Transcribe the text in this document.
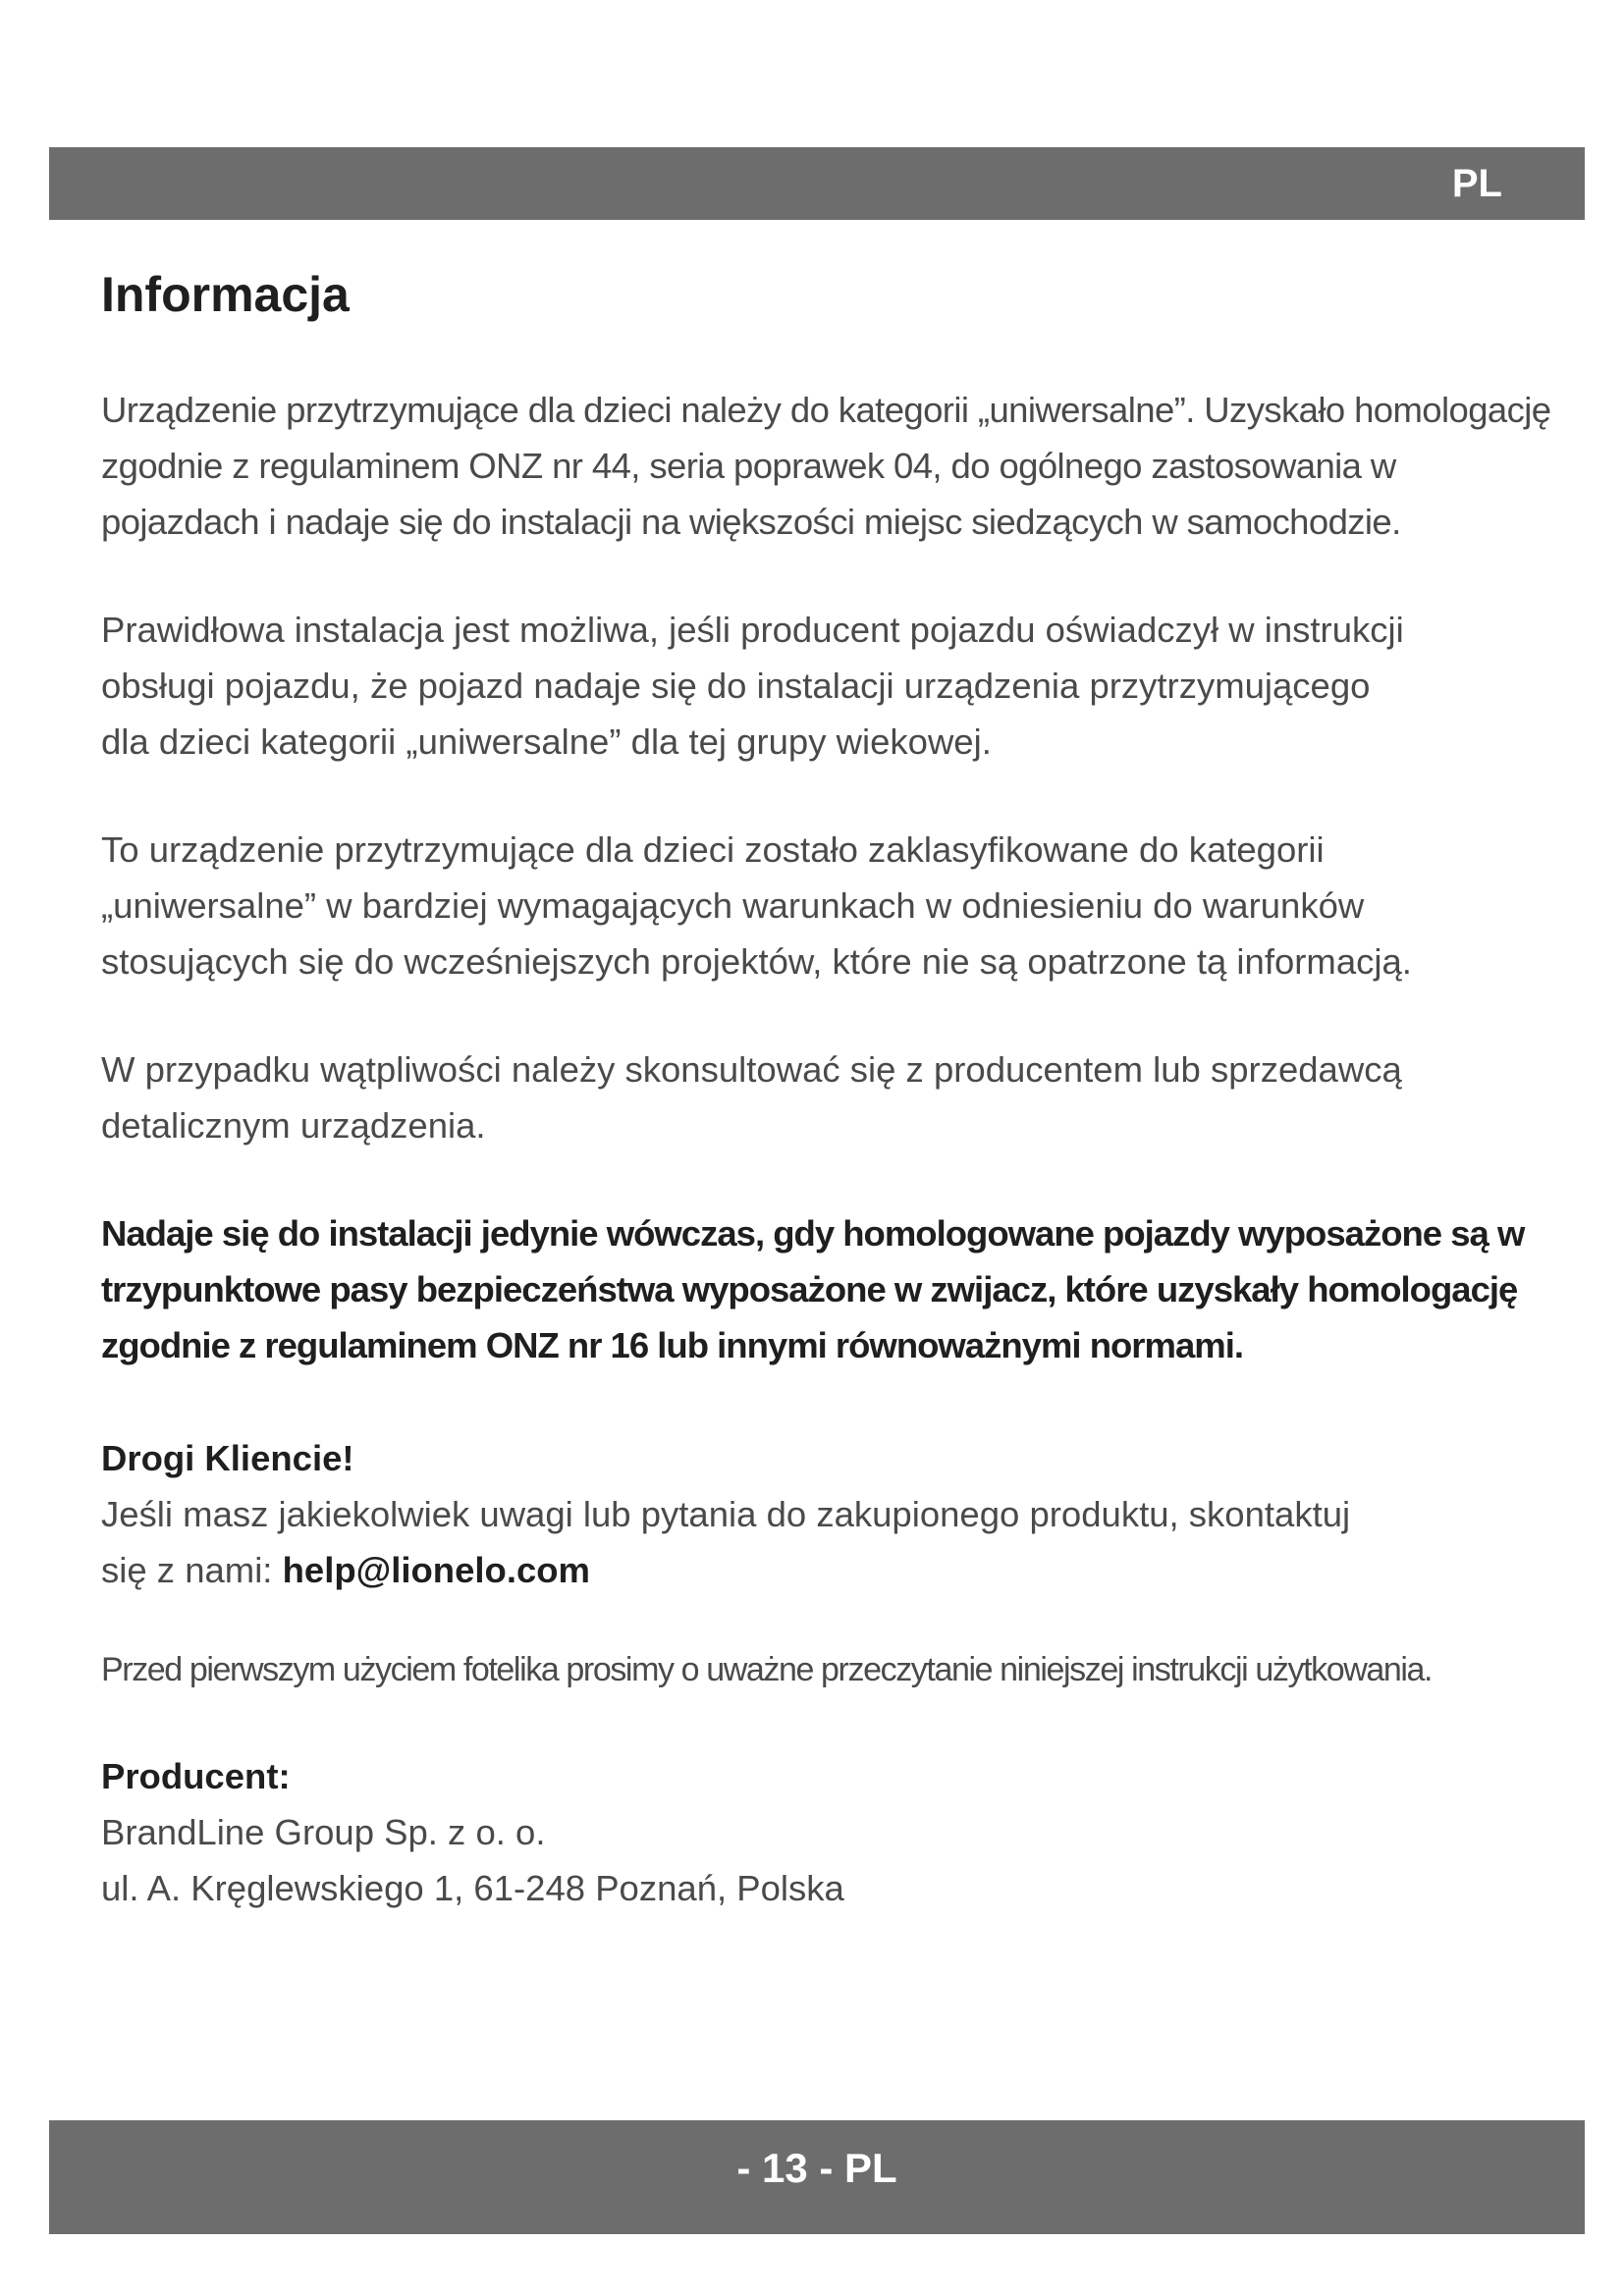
PL
Informacja

Urządzenie przytrzymujące dla dzieci należy do kategorii „uniwersalne”. Uzyskało homologację
zgodnie z regulaminem ONZ nr 44, seria poprawek 04, do ogólnego zastosowania w
pojazdach i nadaje się do instalacji na większości miejsc siedzących w samochodzie.

Prawidłowa instalacja jest możliwa, jeśli producent pojazdu oświadczył w instrukcji
obsługi pojazdu, że pojazd nadaje się do instalacji urządzenia przytrzymującego
dla dzieci kategorii „uniwersalne” dla tej grupy wiekowej.

To urządzenie przytrzymujące dla dzieci zostało zaklasyfikowane do kategorii
„uniwersalne” w bardziej wymagających warunkach w odniesieniu do warunków
stosujących się do wcześniejszych projektów, które nie są opatrzone tą informacją.

W przypadku wątpliwości należy skonsultować się z producentem lub sprzedawcą
detalicznym urządzenia.

Nadaje się do instalacji jedynie wówczas, gdy homologowane pojazdy wyposażone są w
trzypunktowe pasy bezpieczeństwa wyposażone w zwijacz, które uzyskały homologację
zgodnie z regulaminem ONZ nr 16 lub innymi równoważnymi normami.

Drogi Kliencie!

Jeśli masz jakiekolwiek uwagi lub pytania do zakupionego produktu, skontaktuj
się z nami: help@lionelo.com

Przed pierwszym użyciem fotelika prosimy o uważne przeczytanie niniejszej instrukcji użytkowania.

Producent:

BrandLine Group Sp. z o. o.
ul. A. Kręglewskiego 1, 61-248 Poznań, Polska

- 13 - PL
